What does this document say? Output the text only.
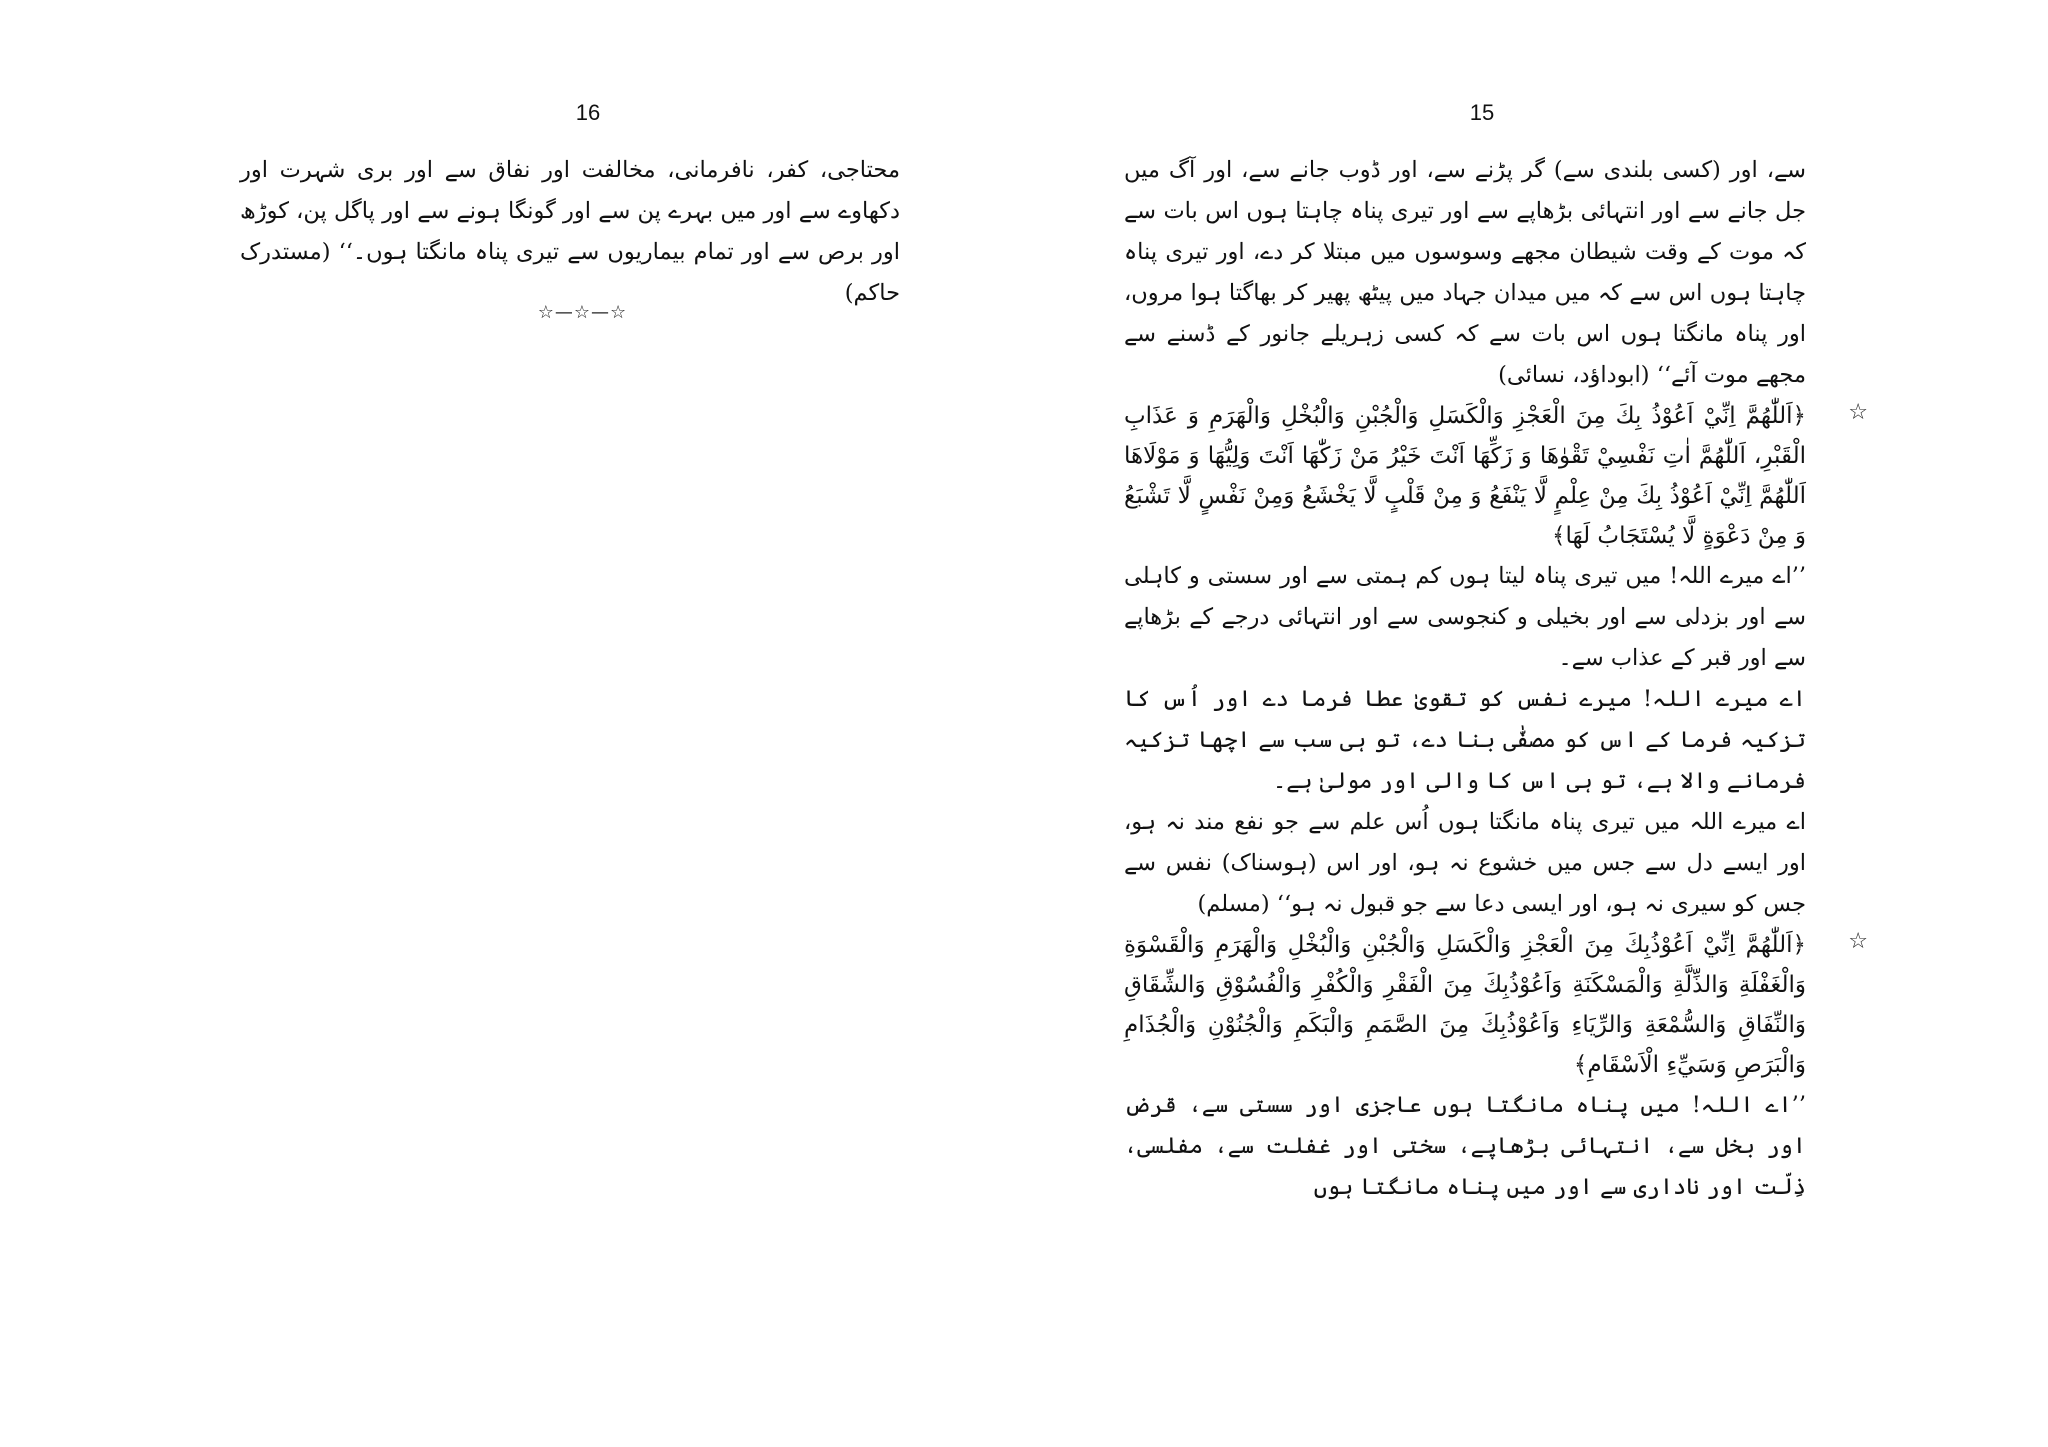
16

محتاجی، کفر، نافرمانی، مخالفت اور نفاق سے اور بری شہرت اور دکھاوے سے اور میں بہرے پن سے اور گونگا ہونے سے اور پاگل پن، کوڑھ اور برص سے اور تمام بیماریوں سے تیری پناہ مانگتا ہوں۔‘‘ (مستدرک حاکم)

☆—☆—☆
15

سے، اور (کسی بلندی سے) گر پڑنے سے، اور ڈوب جانے سے، اور آگ میں جل جانے سے اور انتہائی بڑھاپے سے اور تیری پناہ چاہتا ہوں اس بات سے کہ موت کے وقت شیطان مجھے وسوسوں میں مبتلا کر دے، اور تیری پناہ چاہتا ہوں اس سے کہ میں میدان جہاد میں پیٹھ پھیر کر بھاگتا ہوا مروں، اور پناہ مانگتا ہوں اس بات سے کہ کسی زہریلے جانور کے ڈسنے سے مجھے موت آئے‘‘ (ابوداؤد، نسائی)

☆

﴿اَللّٰهُمَّ اِنِّيْ اَعُوْذُ بِكَ مِنَ الْعَجْزِ وَالْكَسَلِ وَالْجُبْنِ وَالْبُخْلِ وَالْهَرَمِ وَ عَذَابِ الْقَبْرِ، اَللّٰهُمَّ اٰتِ نَفْسِيْ تَقْوٰهَا وَ زَكِّهَا اَنْتَ خَيْرُ مَنْ زَكّٰهَا اَنْتَ وَلِيُّهَا وَ مَوْلَاهَا اَللّٰهُمَّ اِنِّيْ اَعُوْذُ بِكَ مِنْ عِلْمٍ لَّا يَنْفَعُ وَ مِنْ قَلْبٍ لَّا يَخْشَعُ وَمِنْ نَفْسٍ لَّا تَشْبَعُ وَ مِنْ دَعْوَةٍ لَّا يُسْتَجَابُ لَهَا﴾

’’اے میرے اللہ! میں تیری پناہ لیتا ہوں کم ہمتی سے اور سستی و کاہلی سے اور بزدلی سے اور بخیلی و کنجوسی سے اور انتہائی درجے کے بڑھاپے سے اور قبر کے عذاب سے۔

اے میرے اللہ! میرے نفس کو تقویٰ عطا فرما دے اور اُس کا تزکیہ فرما کے اس کو مصفّٰی بنا دے، تو ہی سب سے اچھا تزکیہ فرمانے والا ہے، تو ہی اس کا والی اور مولیٰ ہے۔

اے میرے اللہ میں تیری پناہ مانگتا ہوں اُس علم سے جو نفع مند نہ ہو، اور ایسے دل سے جس میں خشوع نہ ہو، اور اس (ہوسناک) نفس سے جس کو سیری نہ ہو، اور ایسی دعا سے جو قبول نہ ہو‘‘ (مسلم)

☆

﴿اَللّٰهُمَّ اِنِّيْ اَعُوْذُبِكَ مِنَ الْعَجْزِ وَالْكَسَلِ وَالْجُبْنِ وَالْبُخْلِ وَالْهَرَمِ وَالْقَسْوَةِ وَالْغَفْلَةِ وَالذِّلَّةِ وَالْمَسْكَنَةِ وَاَعُوْذُبِكَ مِنَ الْفَقْرِ وَالْكُفْرِ وَالْفُسُوْقِ وَالشِّقَاقِ وَالنِّفَاقِ وَالسُّمْعَةِ وَالرِّيَاءِ وَاَعُوْذُبِكَ مِنَ الصَّمَمِ وَالْبَكَمِ وَالْجُنُوْنِ وَالْجُذَامِ وَالْبَرَصِ وَسَيِّءِ الْاَسْقَامِ﴾

’’اے اللہ! میں پناہ مانگتا ہوں عاجزی اور سستی سے، قرض اور بخل سے، انتہائی بڑھاپے، سختی اور غفلت سے، مفلسی، ذِلّت اور ناداری سے اور میں پناہ مانگتا ہوں
